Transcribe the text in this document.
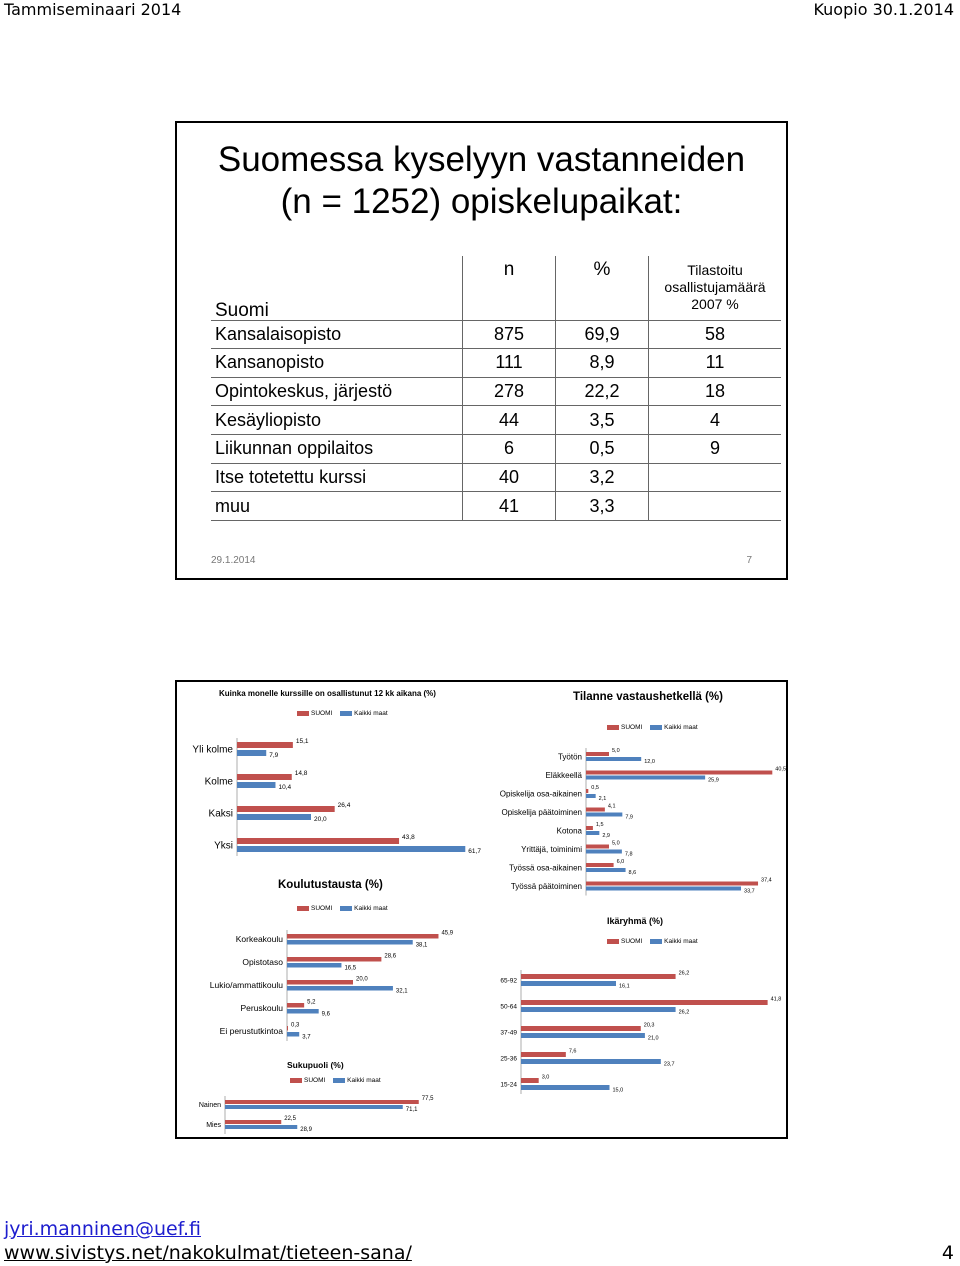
Tammiseminaari 2014	Kuopio 30.1.2014
Suomessa kyselyyn vastanneiden
(n = 1252) opiskelupaikat:
Suomi	n	%	Tilastoitu
osallistujamäärä
2007 %

Kansalaisopisto	875	69,9	58
Kansanopisto	111	8,9	11
Opintokeskus, järjestö	278	22,2	18
Kesäyliopisto	44	3,5	4
Liikunnan oppilaitos	6	0,5	9
Itse totetettu kurssi	40	3,2	
muu	41	3,3	
29.1.2014	7
Kuinka monelle kurssille on osallistunut 12 kk aikana (%)
SUOMI	Kaikki maat
Yli kolme
15,1
7,9
Kolme
14,8
10,4
Kaksi
26,4
20,0
Yksi
43,8
61,7
Tilanne vastaushetkellä (%)
SUOMI	Kaikki maat
Työtön
5,0
12,0
Eläkkeellä
40,5
25,9
Opiskelija osa-aikainen
0,5
2,1
Opiskelija päätoiminen
4,1
7,9
Kotona
1,5
2,9
Yrittäjä, toiminimi
5,0
7,8
Työssä osa-aikainen
6,0
8,6
Työssä päätoiminen
37,4
33,7
Koulutustausta (%)
SUOMI	Kaikki maat
Korkeakoulu
45,9
38,1
Opistotaso
28,6
16,5
Lukio/ammattikoulu
20,0
32,1
Peruskoulu
5,2
9,6
Ei perustutkintoa
0,3
3,7
Ikäryhmä (%)
SUOMI	Kaikki maat
65-92
26,2
16,1
50-64
41,8
26,2
37-49
20,3
21,0
25-36
7,6
23,7
15-24
3,0
15,0
Sukupuoli (%)
SUOMI	Kaikki maat
Nainen
77,5
71,1
Mies
22,5
28,9
jyri.manninen@uef.fi
www.sivistys.net/nakokulmat/tieteen-sana/	4
